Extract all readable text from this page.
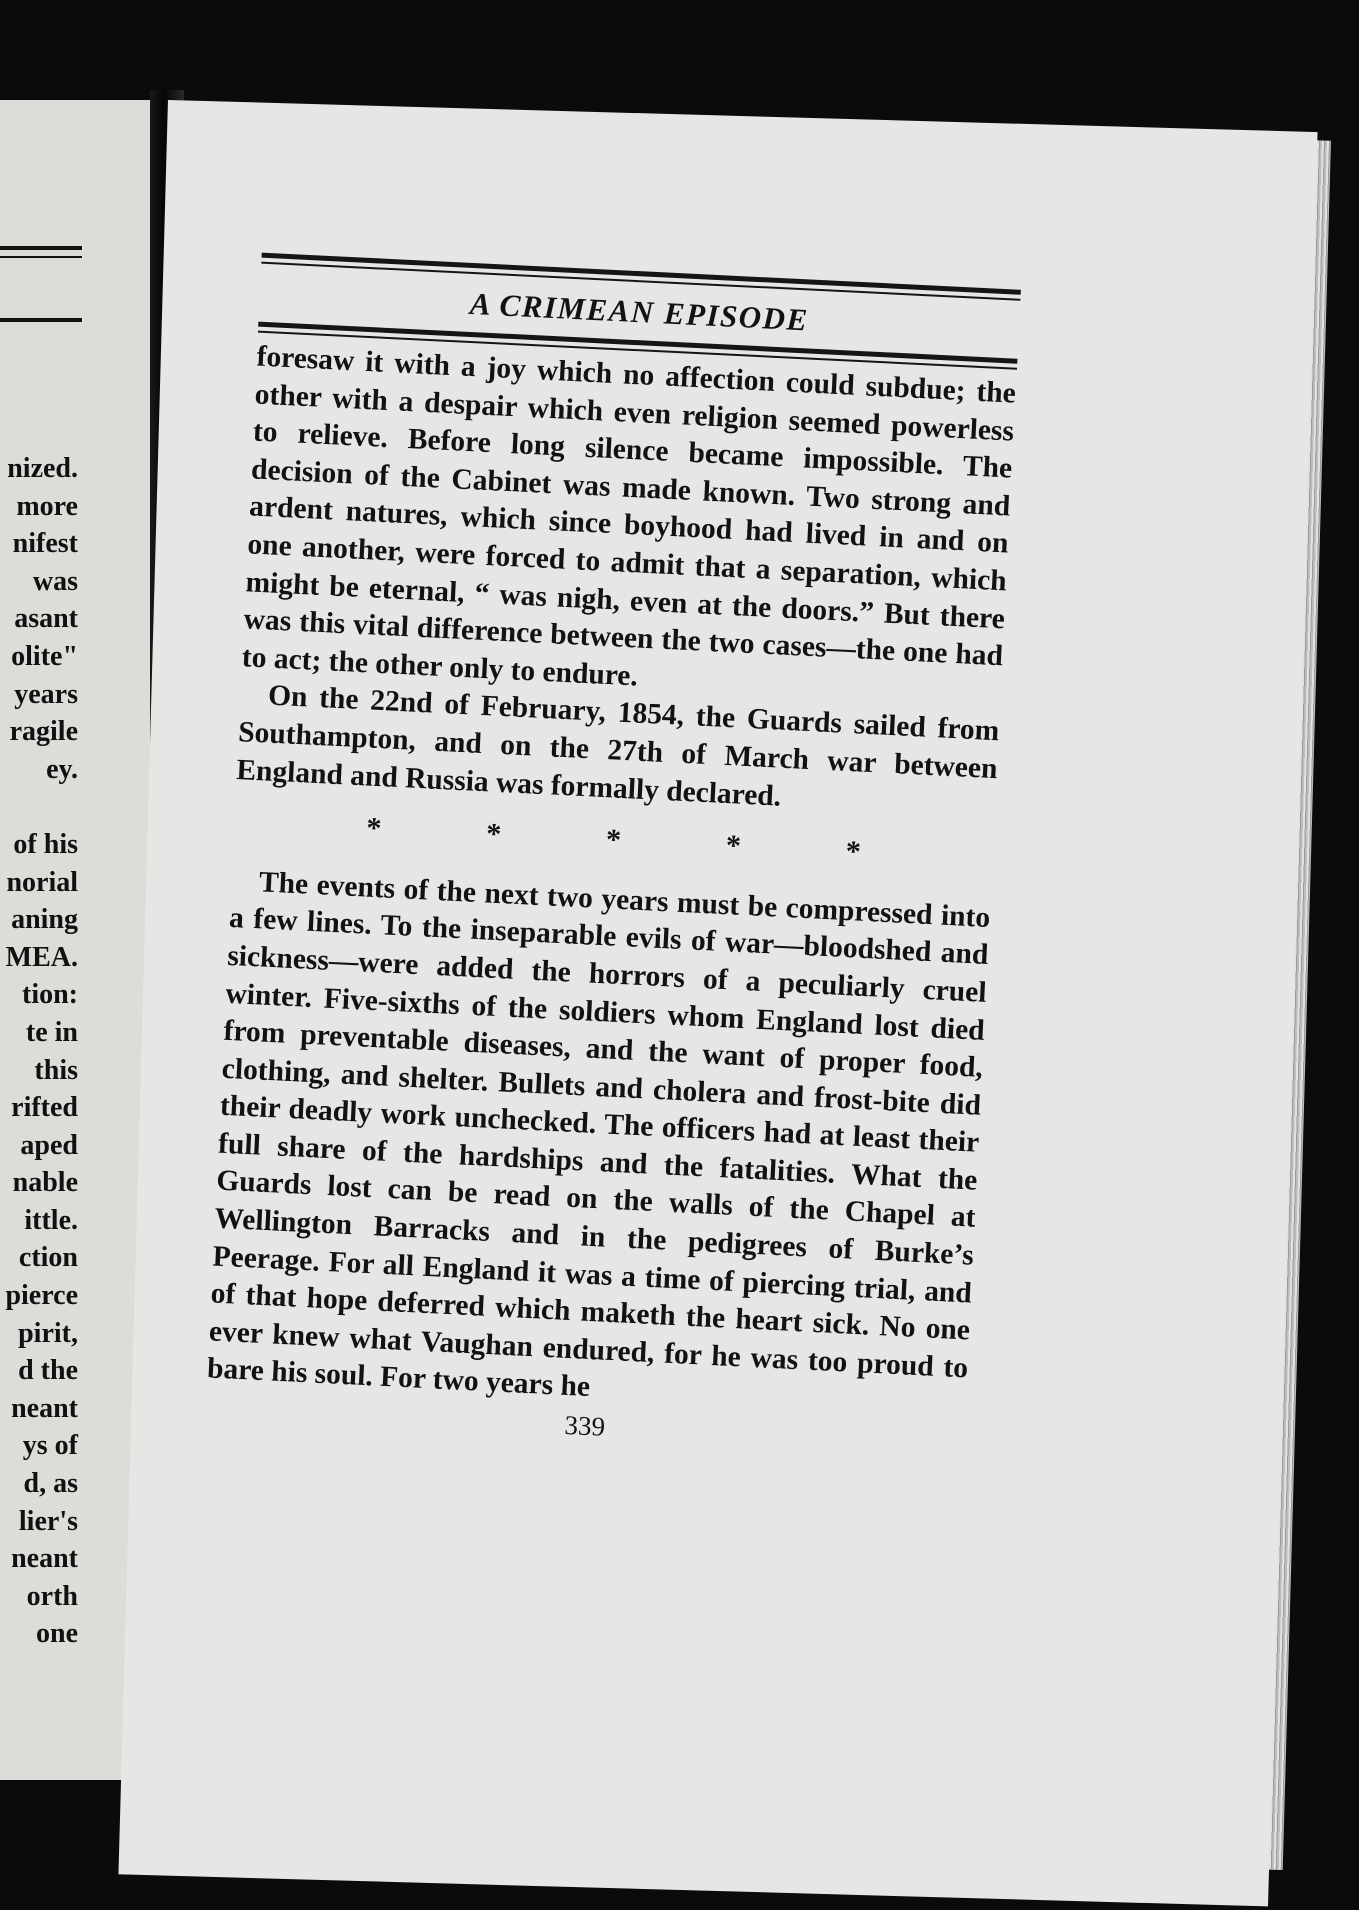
nized.
more
nifest
was
asant
olite"
years
ragile
ey.
of his
norial
aning
MEA.
tion:
te in
this
rifted
aped
nable
ittle.
ction
pierce
pirit,
d the
neant
ys of
d, as
lier's
neant
orth
one
A CRIMEAN EPISODE

foresaw it with a joy which no affection could subdue; the other with a despair which even religion seemed powerless to relieve. Before long silence became impossible. The decision of the Cabinet was made known. Two strong and ardent natures, which since boyhood had lived in and on one another, were forced to admit that a separation, which might be eternal, “ was nigh, even at the doors.” But there was this vital difference between the two cases—the one had to act; the other only to endure.

On the 22nd of February, 1854, the Guards sailed from Southampton, and on the 27th of March war between England and Russia was formally declared.

*	*	*	*	*

The events of the next two years must be compressed into a few lines. To the inseparable evils of war—bloodshed and sickness—were added the horrors of a peculiarly cruel winter. Five-sixths of the soldiers whom England lost died from preventable diseases, and the want of proper food, clothing, and shelter. Bullets and cholera and frost-bite did their deadly work unchecked. The officers had at least their full share of the hardships and the fatalities. What the Guards lost can be read on the walls of the Chapel at Wellington Barracks and in the pedigrees of Burke’s Peerage. For all England it was a time of piercing trial, and of that hope deferred which maketh the heart sick. No one ever knew what Vaughan endured, for he was too proud to bare his soul. For two years he

339
